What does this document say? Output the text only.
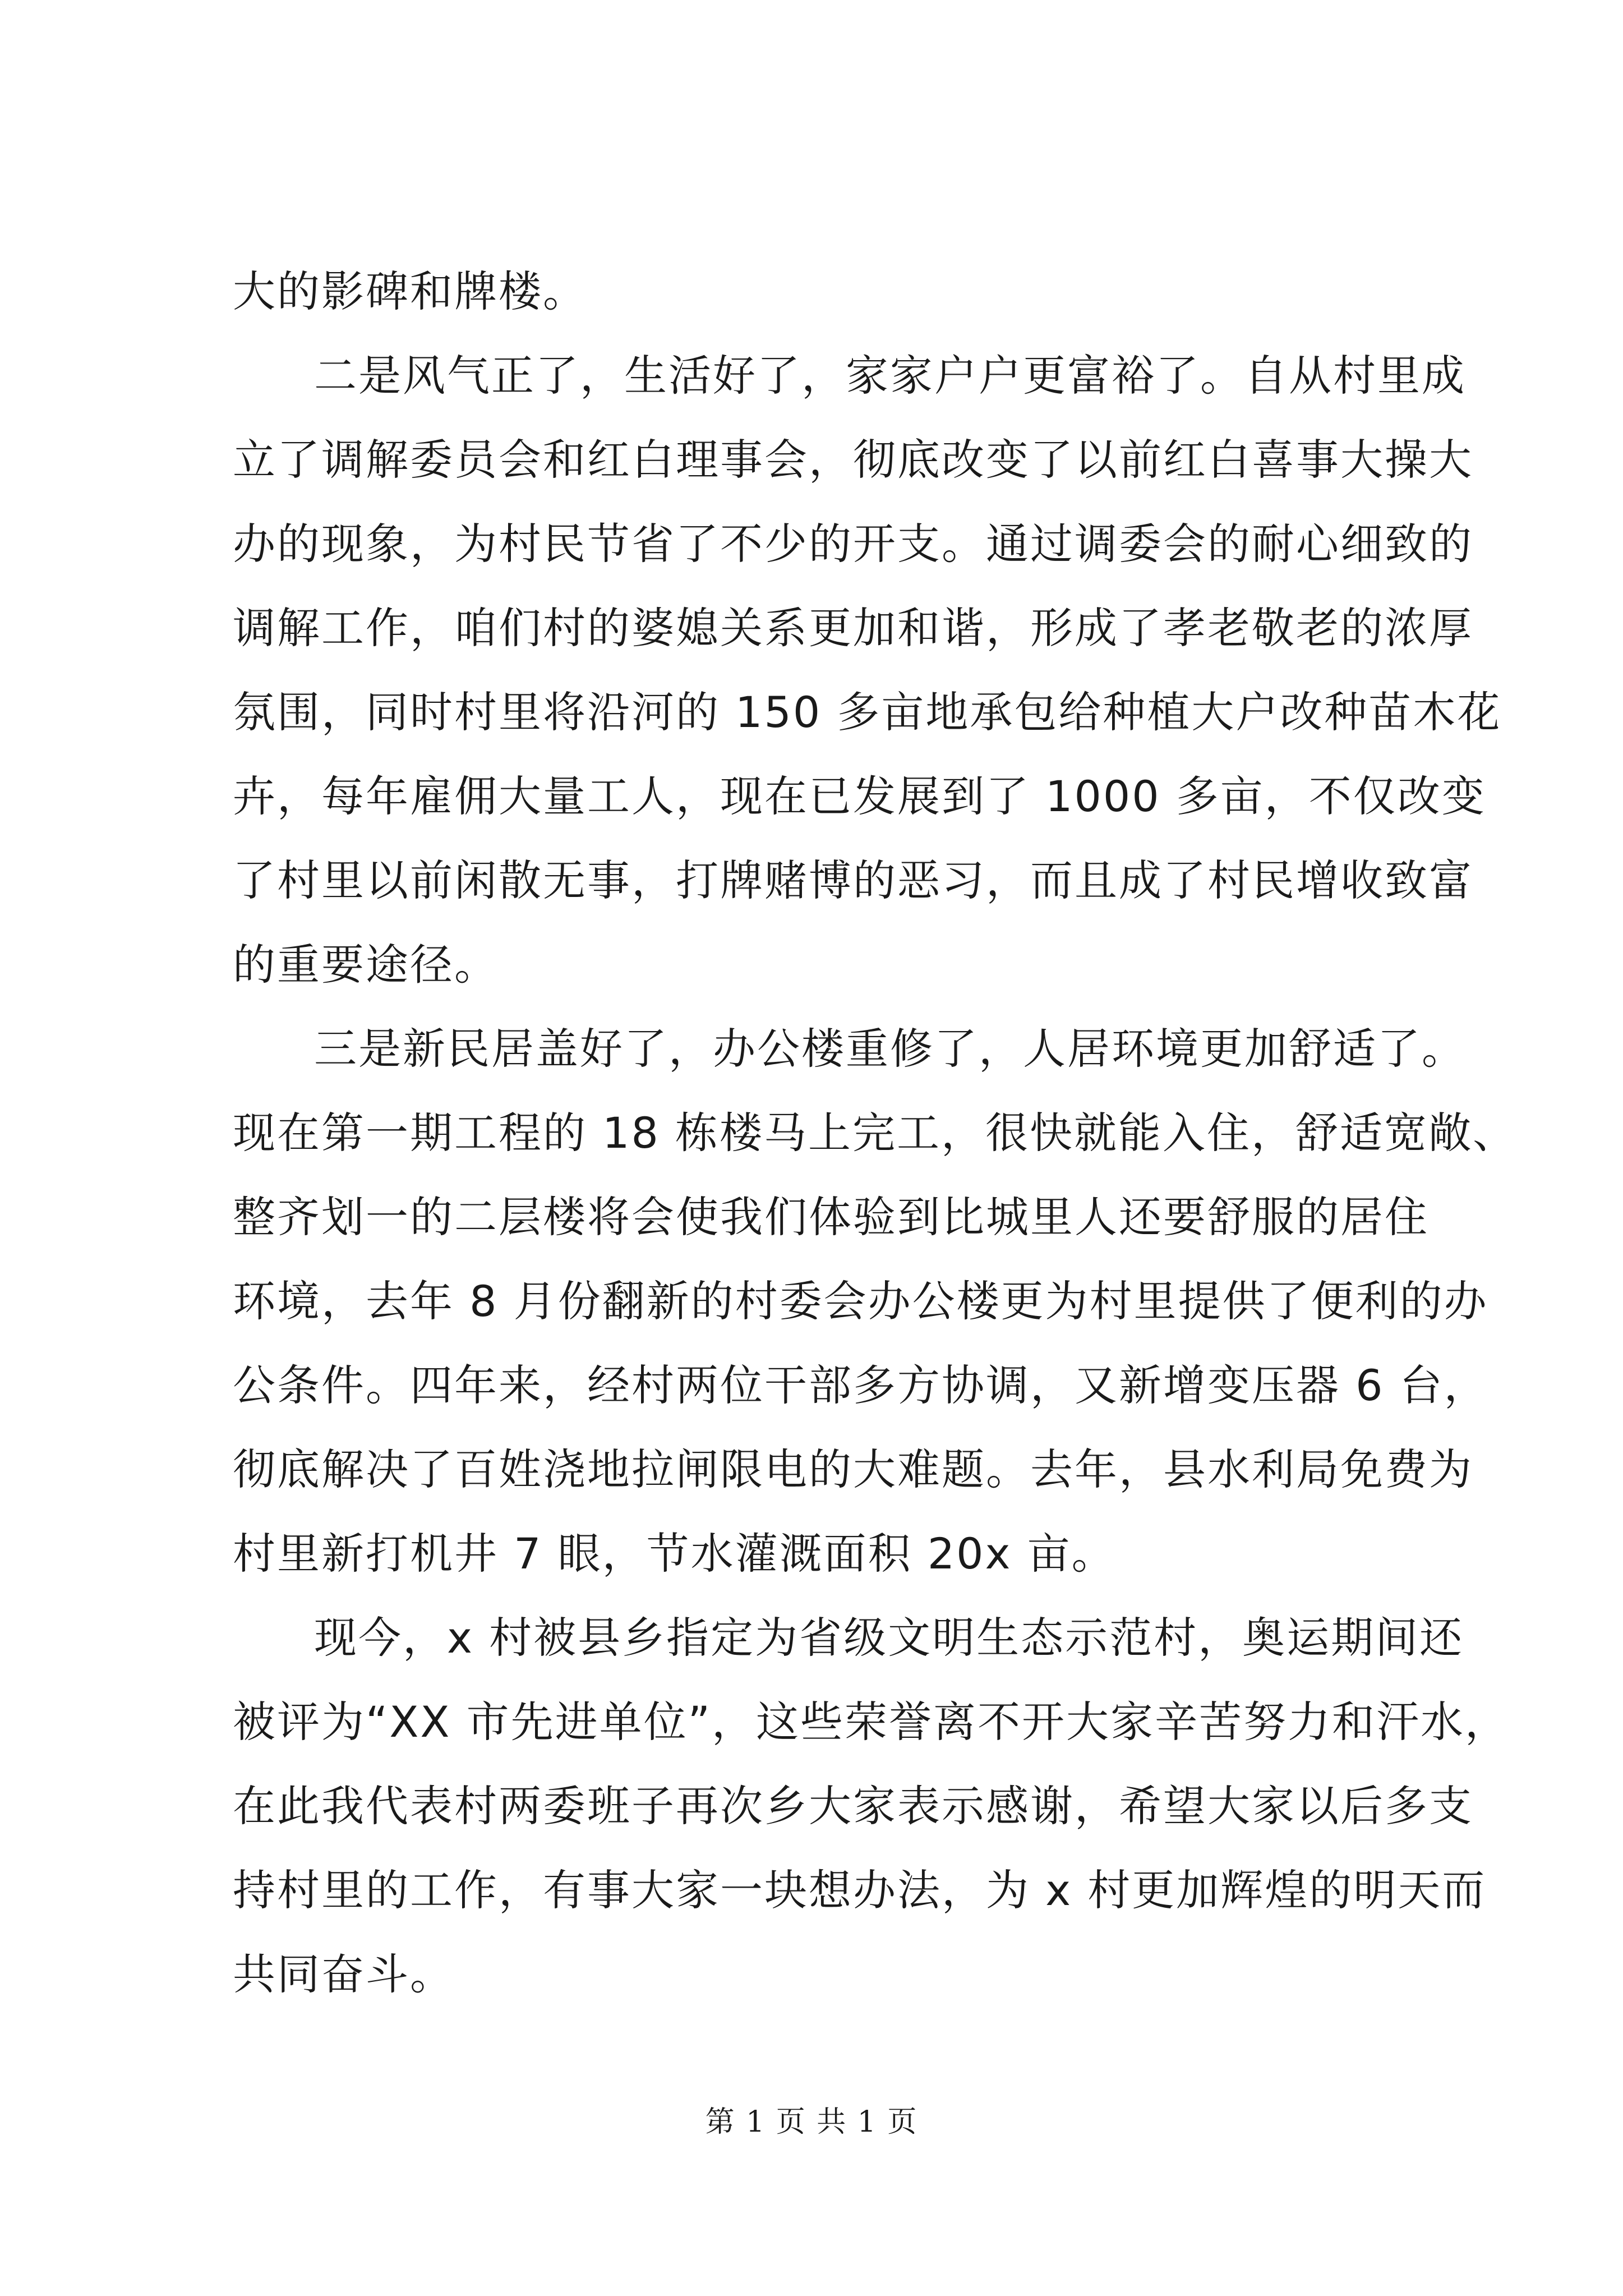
大的影碑和牌楼。
二是风气正了，生活好了，家家户户更富裕了。自从村里成
立了调解委员会和红白理事会，彻底改变了以前红白喜事大操大
办的现象，为村民节省了不少的开支。通过调委会的耐心细致的
调解工作，咱们村的婆媳关系更加和谐，形成了孝老敬老的浓厚
氛围，同时村里将沿河的 150 多亩地承包给种植大户改种苗木花
卉，每年雇佣大量工人，现在已发展到了 1000 多亩，不仅改变
了村里以前闲散无事，打牌赌博的恶习，而且成了村民增收致富
的重要途径。
三是新民居盖好了，办公楼重修了，人居环境更加舒适了。
现在第一期工程的 18 栋楼马上完工，很快就能入住，舒适宽敞、
整齐划一的二层楼将会使我们体验到比城里人还要舒服的居住
环境，去年 8 月份翻新的村委会办公楼更为村里提供了便利的办
公条件。四年来，经村两位干部多方协调，又新增变压器 6 台，
彻底解决了百姓浇地拉闸限电的大难题。去年，县水利局免费为
村里新打机井 7 眼，节水灌溉面积 20x 亩。
现今，x 村被县乡指定为省级文明生态示范村，奥运期间还
被评为“XX 市先进单位”，这些荣誉离不开大家辛苦努力和汗水，
在此我代表村两委班子再次乡大家表示感谢，希望大家以后多支
持村里的工作，有事大家一块想办法，为 x 村更加辉煌的明天而
共同奋斗。
第 1 页 共 1 页
